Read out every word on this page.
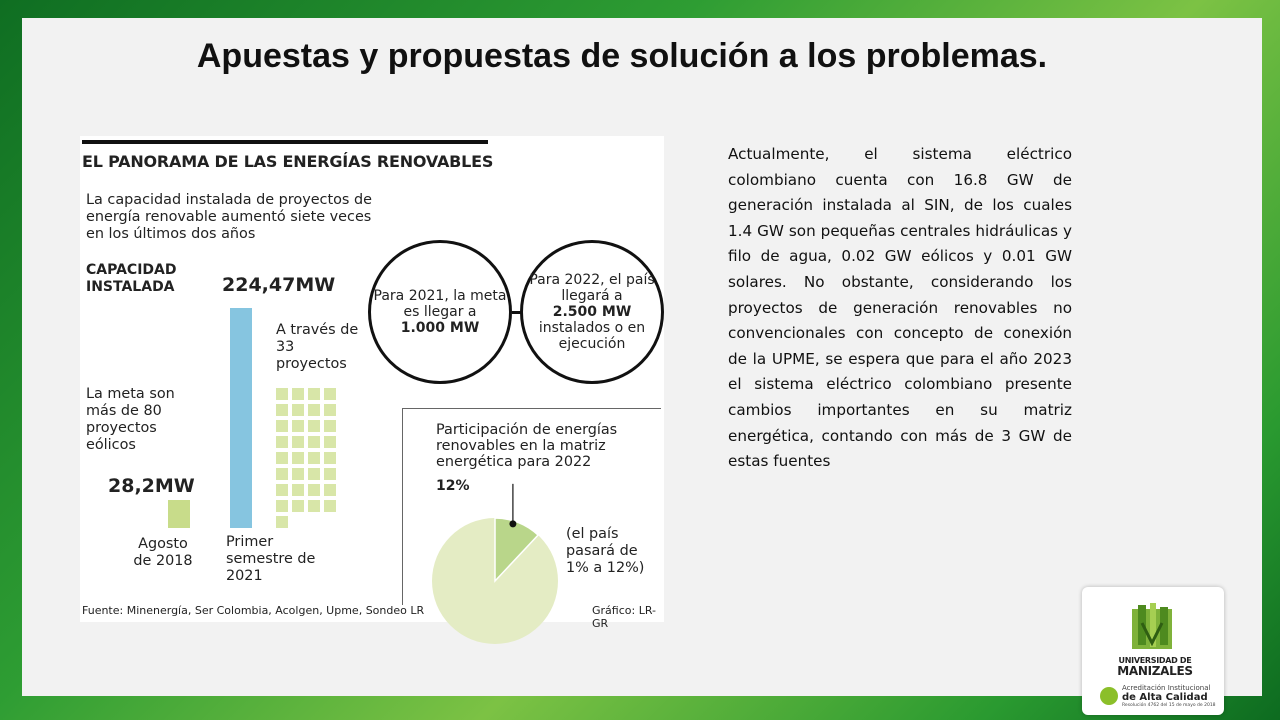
Apuestas y propuestas de solución a los problemas.
EL PANORAMA DE LAS ENERGÍAS RENOVABLES
La capacidad instalada de proyectos de energía renovable aumentó siete veces en los últimos dos años
CAPACIDAD INSTALADA	224,47MW
A través de 33 proyectos
La meta son más de 80 proyectos eólicos
28,2MW
Agosto de 2018
Primer semestre de 2021
Para 2021, la meta es llegar a
1.000 MW
Para 2022, el país llegará a
2.500 MW
instalados o en ejecución
Participación de energías renovables en la matriz energética para 2022
12%
(el país pasará de 1% a 12%)
Fuente: Minenergía, Ser Colombia, Acolgen, Upme, Sondeo LR	Gráfico: LR-GR
Actualmente, el sistema eléctrico colombiano cuenta con 16.8 GW de generación instalada al SIN, de los cuales 1.4 GW son pequeñas centrales hidráulicas y filo de agua, 0.02 GW eólicos y 0.01 GW solares. No obstante, considerando los proyectos de generación renovables no convencionales con concepto de conexión de la UPME, se espera que para el año 2023 el sistema eléctrico colombiano presente cambios importantes en su matriz energética, contando con más de 3 GW de estas fuentes
UNIVERSIDAD DE
MANIZALES
Acreditación Institucional
de Alta Calidad
Resolución 4762 del 15 de mayo de 2018
